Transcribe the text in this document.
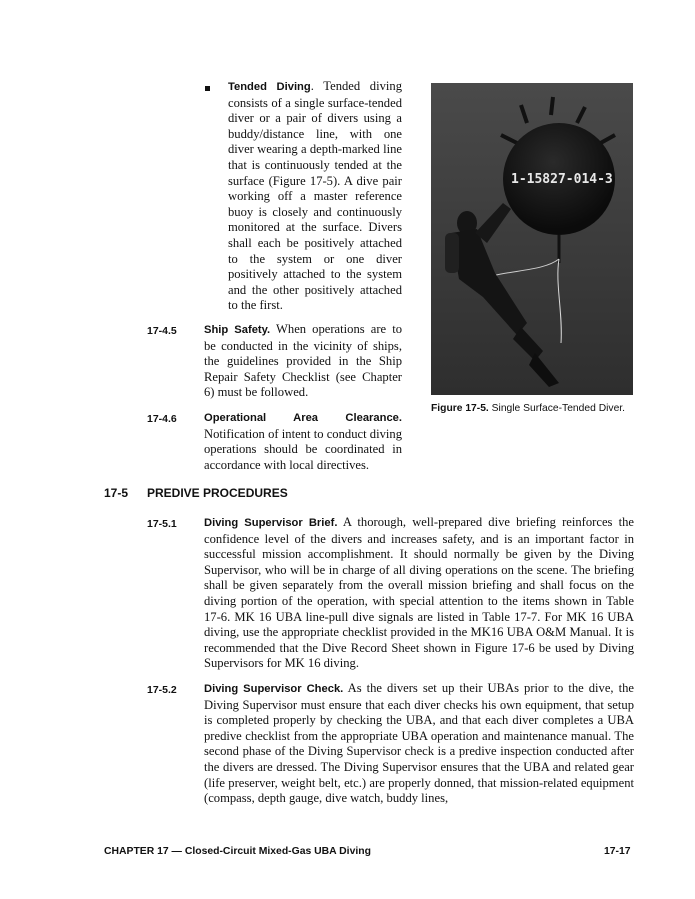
Tended Diving. Tended diving consists of a single surface-tended diver or a pair of divers using a buddy/distance line, with one diver wearing a depth-marked line that is continuously tended at the surface (Figure 17-5). A dive pair working off a master reference buoy is closely and continuously monitored at the surface. Divers shall each be positively attached to the system or one diver positively attached to the system and the other positively attached to the first.
17-4.5 Ship Safety. When operations are to be conducted in the vicinity of ships, the guidelines provided in the Ship Repair Safety Checklist (see Chapter 6) must be followed.
17-4.6 Operational Area Clearance. Notification of intent to conduct diving operations should be coordinated in accordance with local directives.
1-15827-014-3
Figure 17-5. Single Surface-Tended Diver.
17-5 PREDIVE PROCEDURES
17-5.1 Diving Supervisor Brief. A thorough, well-prepared dive briefing reinforces the confidence level of the divers and increases safety, and is an important factor in successful mission accomplishment. It should normally be given by the Diving Supervisor, who will be in charge of all diving operations on the scene. The briefing shall be given separately from the overall mission briefing and shall focus on the diving portion of the operation, with special attention to the items shown in Table 17-6. MK 16 UBA line-pull dive signals are listed in Table 17-7. For MK 16 UBA diving, use the appropriate checklist provided in the MK16 UBA O&M Manual. It is recommended that the Dive Record Sheet shown in Figure 17-6 be used by Diving Supervisors for MK 16 diving.
17-5.2 Diving Supervisor Check. As the divers set up their UBAs prior to the dive, the Diving Supervisor must ensure that each diver checks his own equipment, that setup is completed properly by checking the UBA, and that each diver completes a UBA predive checklist from the appropriate UBA operation and maintenance manual. The second phase of the Diving Supervisor check is a predive inspection conducted after the divers are dressed. The Diving Supervisor ensures that the UBA and related gear (life preserver, weight belt, etc.) are properly donned, that mission-related equipment (compass, depth gauge, dive watch, buddy lines,
CHAPTER 17 — Closed-Circuit Mixed-Gas UBA Diving	17-17
